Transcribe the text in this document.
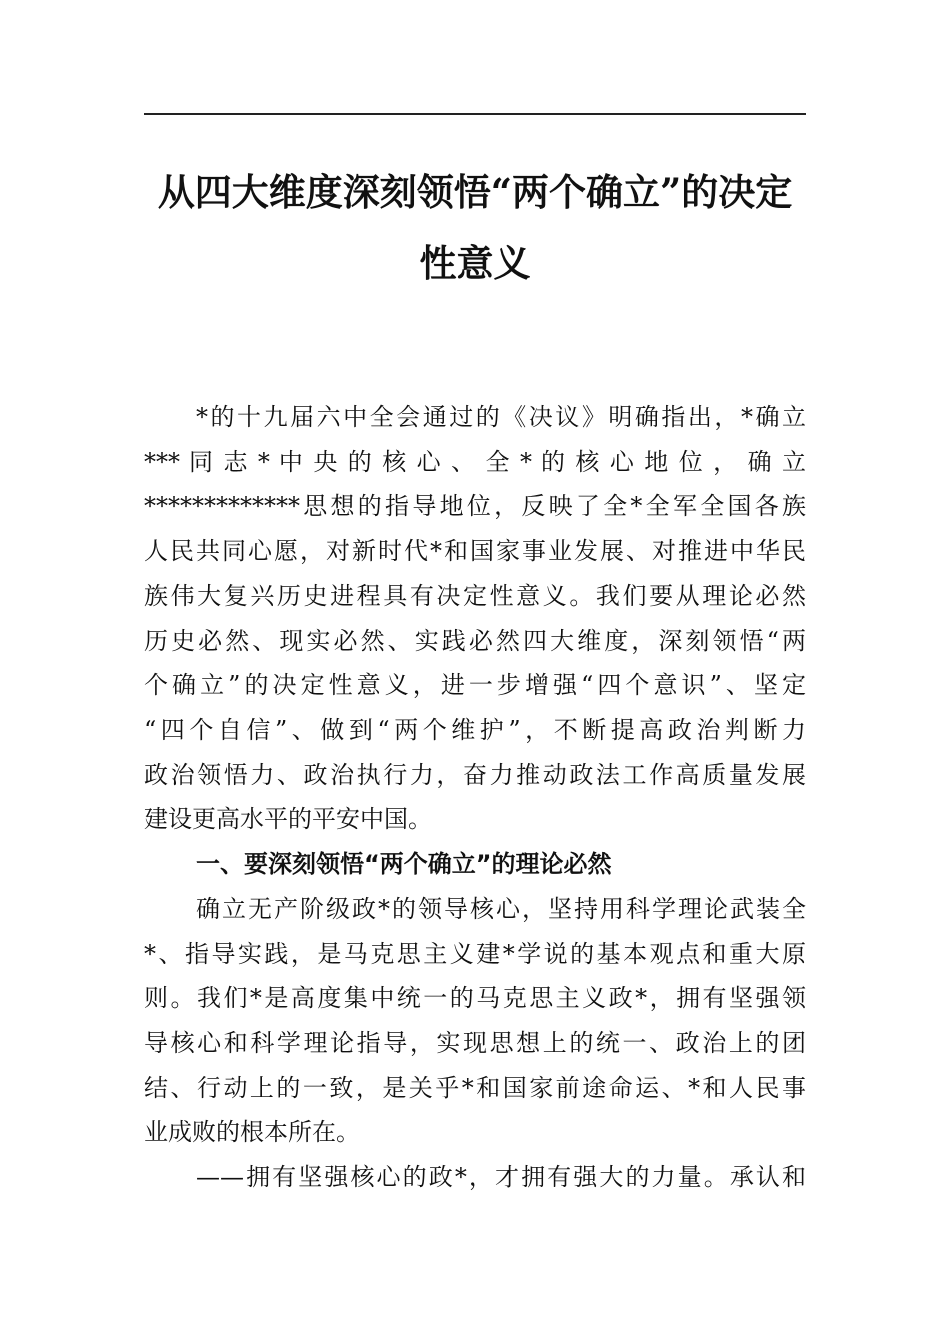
从四大维度深刻领悟“两个确立”的决定
性意义
*的十九届六中全会通过的《决议》明确指出，*确立
*** 同 志 * 中 央 的 核 心 、 全 * 的 核 心 地 位 ， 确 立
*************思想的指导地位，反映了全*全军全国各族
人民共同心愿，对新时代*和国家事业发展、对推进中华民
族伟大复兴历史进程具有决定性意义。我们要从理论必然
历史必然、现实必然、实践必然四大维度，深刻领悟“两
个确立”的决定性意义，进一步增强“四个意识”、坚定
“四个自信”、做到“两个维护”，不断提高政治判断力
政治领悟力、政治执行力，奋力推动政法工作高质量发展
建设更高水平的平安中国。
一、要深刻领悟“两个确立”的理论必然
确立无产阶级政*的领导核心，坚持用科学理论武装全
*、指导实践，是马克思主义建*学说的基本观点和重大原
则。我们*是高度集中统一的马克思主义政*，拥有坚强领
导核心和科学理论指导，实现思想上的统一、政治上的团
结、行动上的一致，是关乎*和国家前途命运、*和人民事
业成败的根本所在。
——拥有坚强核心的政*，才拥有强大的力量。承认和
